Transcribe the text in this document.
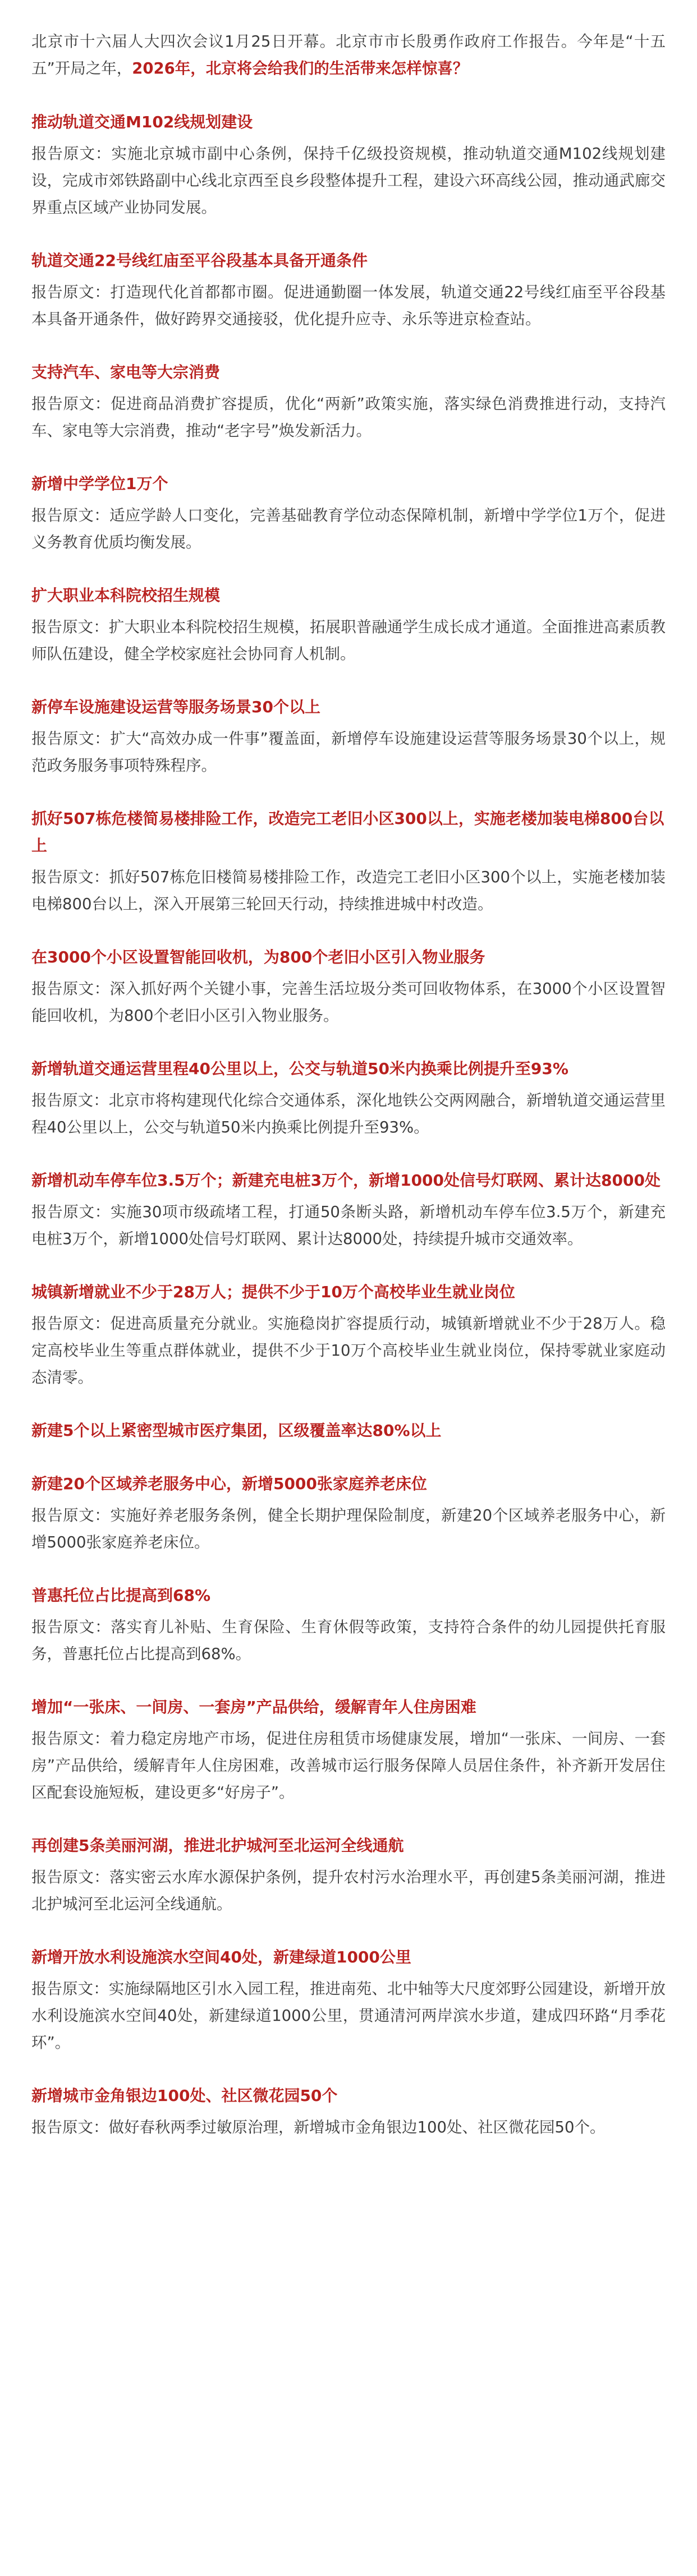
北京市十六届人大四次会议1月25日开幕。北京市市长殷勇作政府工作报告。今年是“十五五”开局之年，2026年，北京将会给我们的生活带来怎样惊喜？

推动轨道交通M102线规划建设

报告原文：实施北京城市副中心条例，保持千亿级投资规模，推动轨道交通M102线规划建设，完成市郊铁路副中心线北京西至良乡段整体提升工程，建设六环高线公园，推动通武廊交界重点区域产业协同发展。

轨道交通22号线红庙至平谷段基本具备开通条件

报告原文：打造现代化首都都市圈。促进通勤圈一体发展，轨道交通22号线红庙至平谷段基本具备开通条件，做好跨界交通接驳，优化提升应寺、永乐等进京检查站。

支持汽车、家电等大宗消费

报告原文：促进商品消费扩容提质，优化“两新”政策实施，落实绿色消费推进行动，支持汽车、家电等大宗消费，推动“老字号”焕发新活力。

新增中学学位1万个

报告原文：适应学龄人口变化，完善基础教育学位动态保障机制，新增中学学位1万个，促进义务教育优质均衡发展。

扩大职业本科院校招生规模

报告原文：扩大职业本科院校招生规模，拓展职普融通学生成长成才通道。全面推进高素质教师队伍建设，健全学校家庭社会协同育人机制。

新停车设施建设运营等服务场景30个以上

报告原文：扩大“高效办成一件事”覆盖面，新增停车设施建设运营等服务场景30个以上，规范政务服务事项特殊程序。

抓好507栋危楼简易楼排险工作，改造完工老旧小区300以上，实施老楼加装电梯800台以上

报告原文：抓好507栋危旧楼简易楼排险工作，改造完工老旧小区300个以上，实施老楼加装电梯800台以上，深入开展第三轮回天行动，持续推进城中村改造。

在3000个小区设置智能回收机，为800个老旧小区引入物业服务

报告原文：深入抓好两个关键小事，完善生活垃圾分类可回收物体系，在3000个小区设置智能回收机，为800个老旧小区引入物业服务。

新增轨道交通运营里程40公里以上，公交与轨道50米内换乘比例提升至93%

报告原文：北京市将构建现代化综合交通体系，深化地铁公交两网融合，新增轨道交通运营里程40公里以上，公交与轨道50米内换乘比例提升至93%。

新增机动车停车位3.5万个；新建充电桩3万个，新增1000处信号灯联网、累计达8000处

报告原文：实施30项市级疏堵工程，打通50条断头路，新增机动车停车位3.5万个，新建充电桩3万个，新增1000处信号灯联网、累计达8000处，持续提升城市交通效率。

城镇新增就业不少于28万人；提供不少于10万个高校毕业生就业岗位

报告原文：促进高质量充分就业。实施稳岗扩容提质行动，城镇新增就业不少于28万人。稳定高校毕业生等重点群体就业，提供不少于10万个高校毕业生就业岗位，保持零就业家庭动态清零。

新建5个以上紧密型城市医疗集团，区级覆盖率达80%以上

新建20个区域养老服务中心，新增5000张家庭养老床位

报告原文：实施好养老服务条例，健全长期护理保险制度，新建20个区域养老服务中心，新增5000张家庭养老床位。

普惠托位占比提高到68%

报告原文：落实育儿补贴、生育保险、生育休假等政策，支持符合条件的幼儿园提供托育服务，普惠托位占比提高到68%。

增加“一张床、一间房、一套房”产品供给，缓解青年人住房困难

报告原文：着力稳定房地产市场，促进住房租赁市场健康发展，增加“一张床、一间房、一套房”产品供给，缓解青年人住房困难，改善城市运行服务保障人员居住条件，补齐新开发居住区配套设施短板，建设更多“好房子”。

再创建5条美丽河湖，推进北护城河至北运河全线通航

报告原文：落实密云水库水源保护条例，提升农村污水治理水平，再创建5条美丽河湖，推进北护城河至北运河全线通航。

新增开放水利设施滨水空间40处，新建绿道1000公里

报告原文：实施绿隔地区引水入园工程，推进南苑、北中轴等大尺度郊野公园建设，新增开放水利设施滨水空间40处，新建绿道1000公里，贯通清河两岸滨水步道，建成四环路“月季花环”。

新增城市金角银边100处、社区微花园50个

报告原文：做好春秋两季过敏原治理，新增城市金角银边100处、社区微花园50个。
